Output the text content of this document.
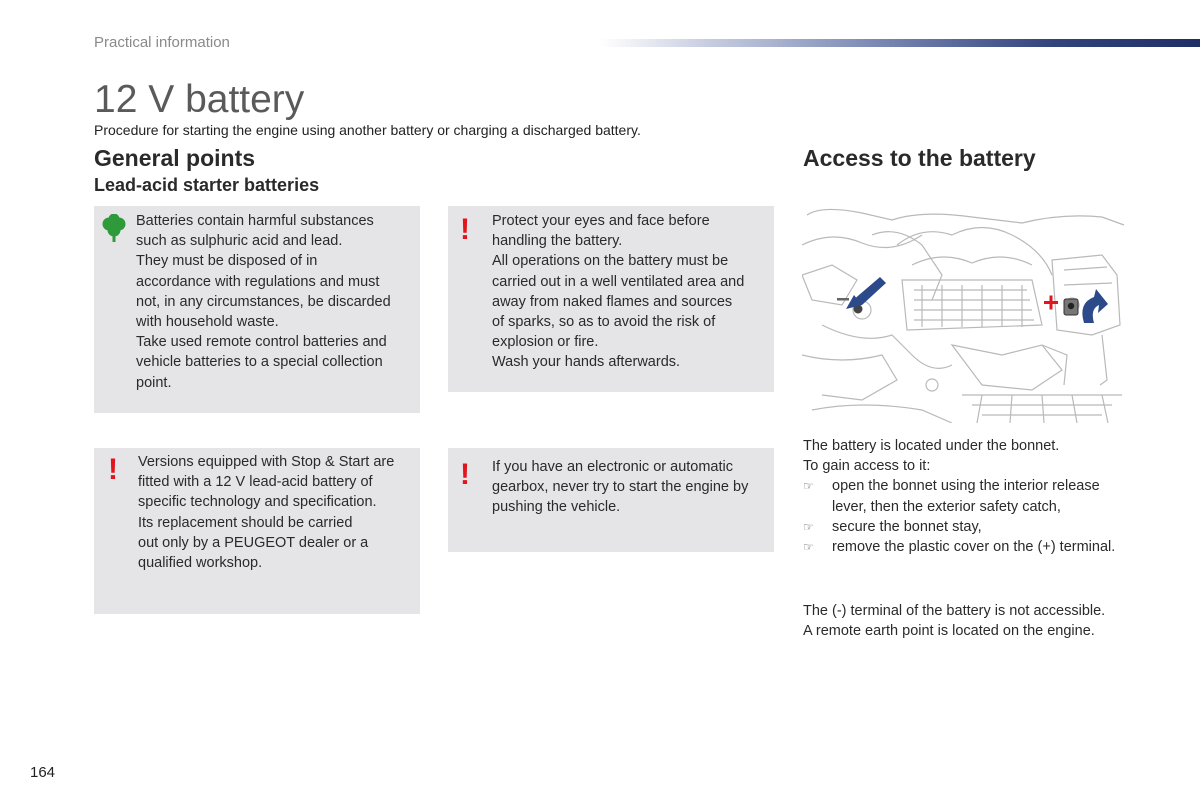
Practical information
12 V battery
Procedure for starting the engine using another battery or charging a discharged battery.
General points
Lead-acid starter batteries

Batteries contain harmful substances

such as sulphuric acid and lead.

They must be disposed of in

accordance with regulations and must

not, in any circumstances, be discarded

with household waste.

Take used remote control batteries and

vehicle batteries to a special collection

point.

! Protect your eyes and face before

handling the battery.

All operations on the battery must be

carried out in a well ventilated area and

away from naked flames and sources

of sparks, so as to avoid the risk of

explosion or fire.

Wash your hands afterwards.

! Versions equipped with Stop & Start are

fitted with a 12 V lead-acid battery of

specific technology and specification.

Its replacement should be carried

out only by a PEUGEOT dealer or a

qualified workshop.

! If you have an electronic or automatic

gearbox, never try to start the engine by

pushing the vehicle.

Access to the battery

The battery is located under the bonnet.

To gain access to it:

☞ open the bonnet using the interior release
lever, then the exterior safety catch,
☞ secure the bonnet stay,
☞ remove the plastic cover on the (+) terminal.

The (-) terminal of the battery is not accessible.

A remote earth point is located on the engine.

164
